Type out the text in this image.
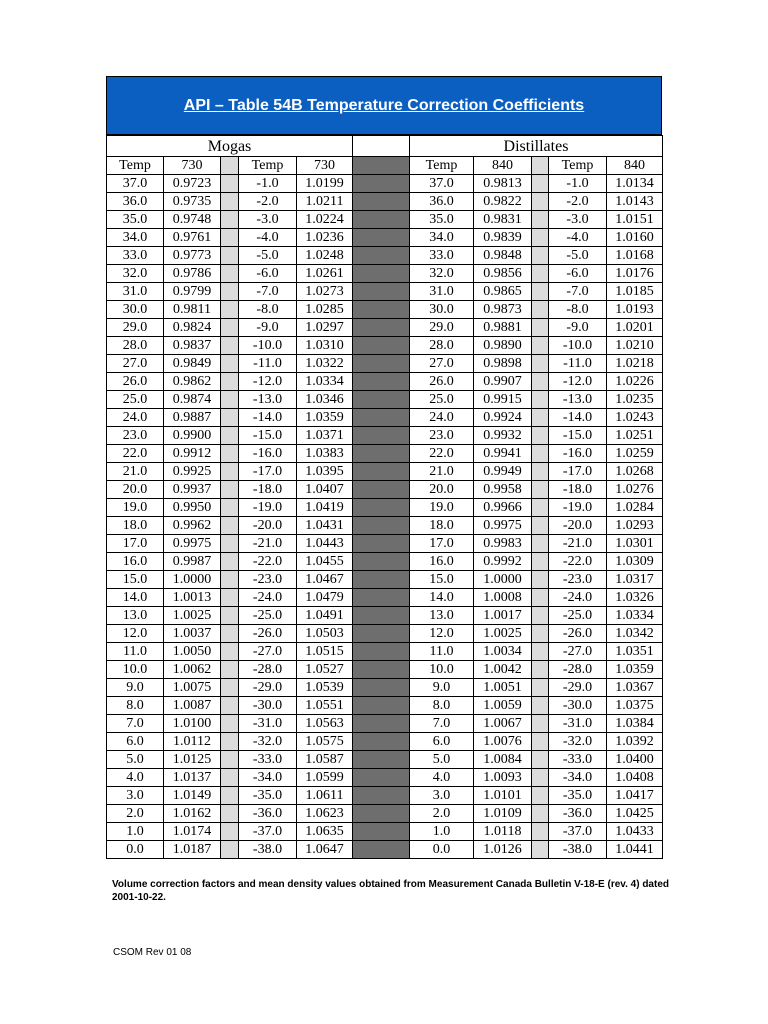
API – Table 54B Temperature Correction Coefficients
Mogas						Distillates				
Temp	730		Temp	730		Temp	840		Temp	840
37.0	0.9723		-1.0	1.0199		37.0	0.9813		-1.0	1.0134
36.0	0.9735		-2.0	1.0211		36.0	0.9822		-2.0	1.0143
35.0	0.9748		-3.0	1.0224		35.0	0.9831		-3.0	1.0151
34.0	0.9761		-4.0	1.0236		34.0	0.9839		-4.0	1.0160
33.0	0.9773		-5.0	1.0248		33.0	0.9848		-5.0	1.0168
32.0	0.9786		-6.0	1.0261		32.0	0.9856		-6.0	1.0176
31.0	0.9799		-7.0	1.0273		31.0	0.9865		-7.0	1.0185
30.0	0.9811		-8.0	1.0285		30.0	0.9873		-8.0	1.0193
29.0	0.9824		-9.0	1.0297		29.0	0.9881		-9.0	1.0201
28.0	0.9837		-10.0	1.0310		28.0	0.9890		-10.0	1.0210
27.0	0.9849		-11.0	1.0322		27.0	0.9898		-11.0	1.0218
26.0	0.9862		-12.0	1.0334		26.0	0.9907		-12.0	1.0226
25.0	0.9874		-13.0	1.0346		25.0	0.9915		-13.0	1.0235
24.0	0.9887		-14.0	1.0359		24.0	0.9924		-14.0	1.0243
23.0	0.9900		-15.0	1.0371		23.0	0.9932		-15.0	1.0251
22.0	0.9912		-16.0	1.0383		22.0	0.9941		-16.0	1.0259
21.0	0.9925		-17.0	1.0395		21.0	0.9949		-17.0	1.0268
20.0	0.9937		-18.0	1.0407		20.0	0.9958		-18.0	1.0276
19.0	0.9950		-19.0	1.0419		19.0	0.9966		-19.0	1.0284
18.0	0.9962		-20.0	1.0431		18.0	0.9975		-20.0	1.0293
17.0	0.9975		-21.0	1.0443		17.0	0.9983		-21.0	1.0301
16.0	0.9987		-22.0	1.0455		16.0	0.9992		-22.0	1.0309
15.0	1.0000		-23.0	1.0467		15.0	1.0000		-23.0	1.0317
14.0	1.0013		-24.0	1.0479		14.0	1.0008		-24.0	1.0326
13.0	1.0025		-25.0	1.0491		13.0	1.0017		-25.0	1.0334
12.0	1.0037		-26.0	1.0503		12.0	1.0025		-26.0	1.0342
11.0	1.0050		-27.0	1.0515		11.0	1.0034		-27.0	1.0351
10.0	1.0062		-28.0	1.0527		10.0	1.0042		-28.0	1.0359
9.0	1.0075		-29.0	1.0539		9.0	1.0051		-29.0	1.0367
8.0	1.0087		-30.0	1.0551		8.0	1.0059		-30.0	1.0375
7.0	1.0100		-31.0	1.0563		7.0	1.0067		-31.0	1.0384
6.0	1.0112		-32.0	1.0575		6.0	1.0076		-32.0	1.0392
5.0	1.0125		-33.0	1.0587		5.0	1.0084		-33.0	1.0400
4.0	1.0137		-34.0	1.0599		4.0	1.0093		-34.0	1.0408
3.0	1.0149		-35.0	1.0611		3.0	1.0101		-35.0	1.0417
2.0	1.0162		-36.0	1.0623		2.0	1.0109		-36.0	1.0425
1.0	1.0174		-37.0	1.0635		1.0	1.0118		-37.0	1.0433
0.0	1.0187		-38.0	1.0647		0.0	1.0126		-38.0	1.0441
Volume correction factors and mean density values obtained from Measurement Canada Bulletin V-18-E (rev. 4) dated 2001-10-22.
CSOM Rev 01 08
